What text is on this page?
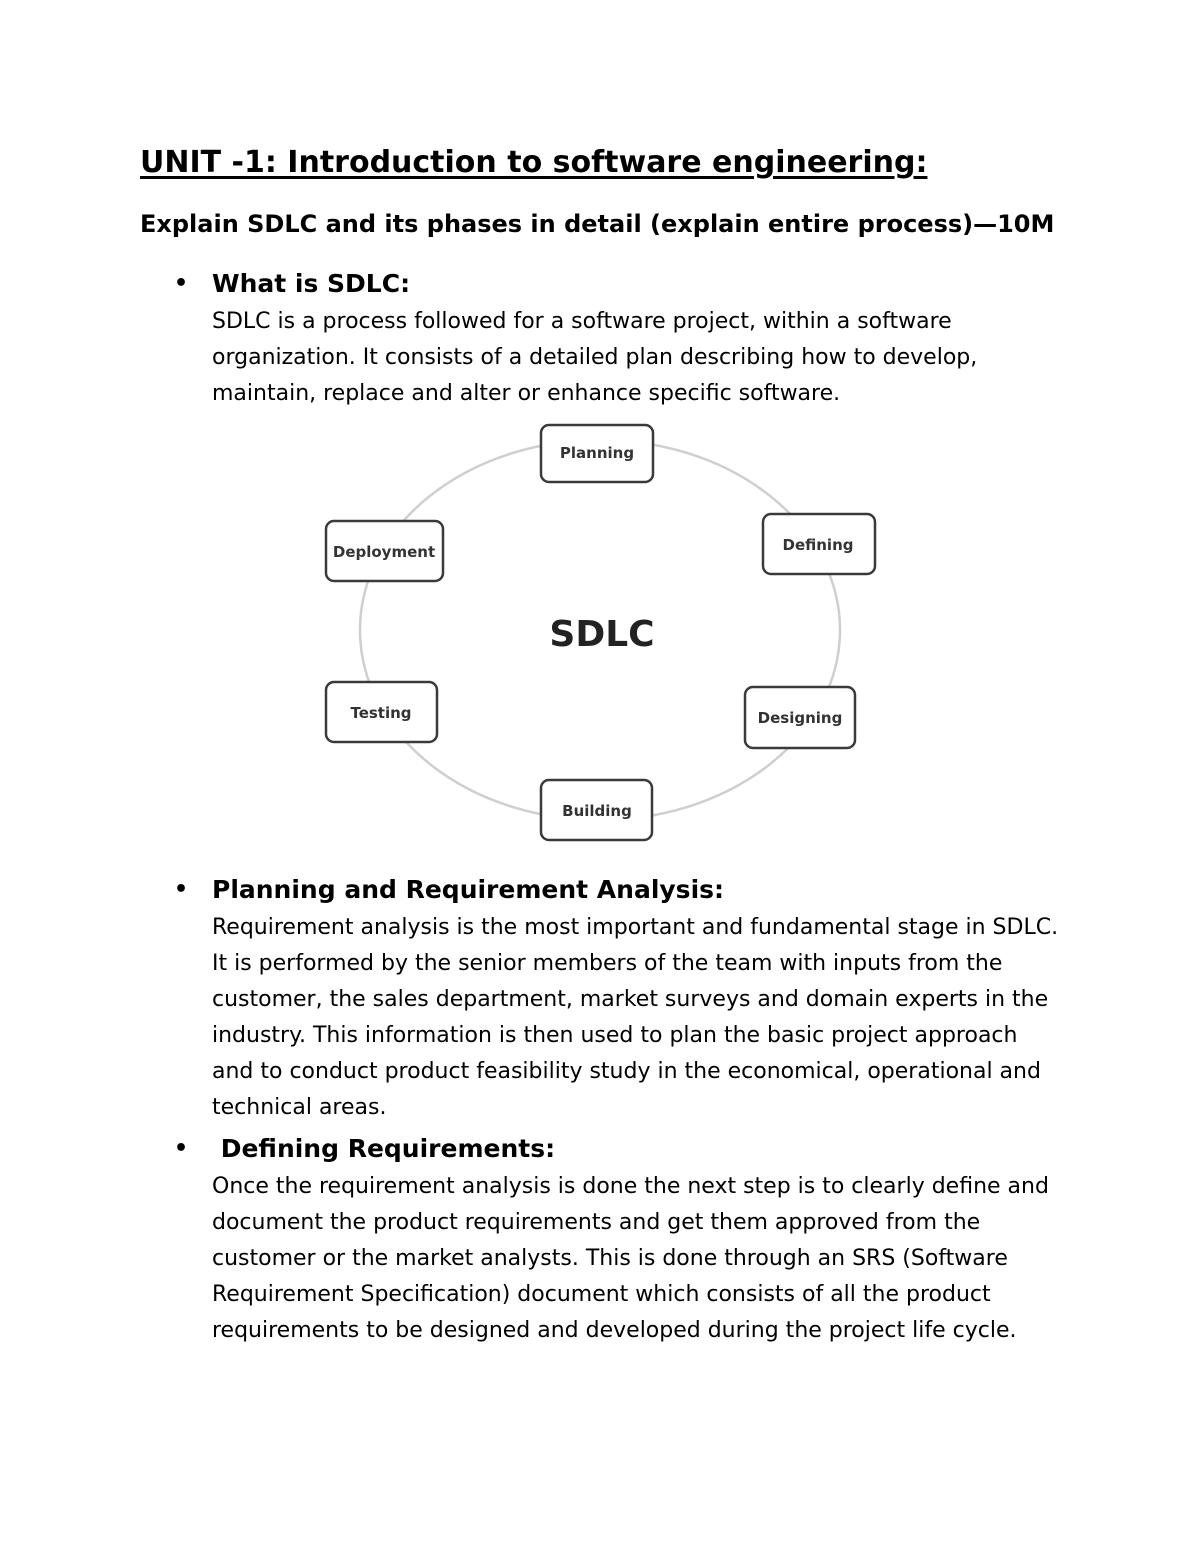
UNIT -1: Introduction to software engineering:
Explain SDLC and its phases in detail (explain entire process)—10M
• What is SDLC:
SDLC is a process followed for a software project, within a software
organization. It consists of a detailed plan describing how to develop,
maintain, replace and alter or enhance specific software.
SDLC
Planning
Defining
Designing
Building
Testing
Deployment
• Planning and Requirement Analysis:
Requirement analysis is the most important and fundamental stage in SDLC.
It is performed by the senior members of the team with inputs from the
customer, the sales department, market surveys and domain experts in the
industry. This information is then used to plan the basic project approach
and to conduct product feasibility study in the economical, operational and
technical areas.
• Defining Requirements:
Once the requirement analysis is done the next step is to clearly define and
document the product requirements and get them approved from the
customer or the market analysts. This is done through an SRS (Software
Requirement Specification) document which consists of all the product
requirements to be designed and developed during the project life cycle.
